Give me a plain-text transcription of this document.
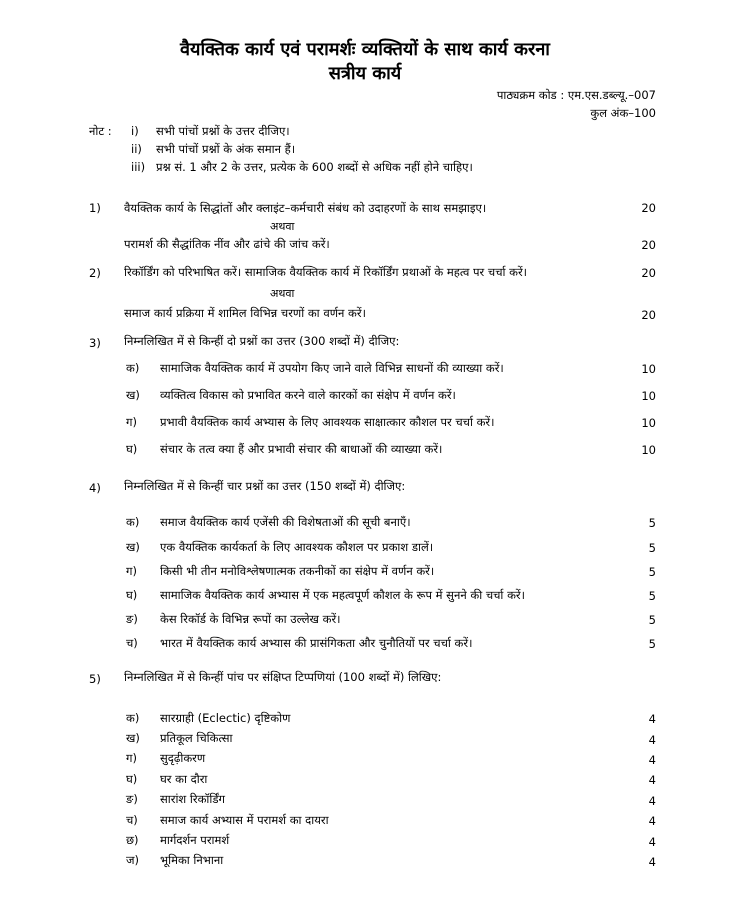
वैयक्तिक कार्य एवं परामर्शः व्यक्तियों के साथ कार्य करना
सत्रीय कार्य
पाठ्यक्रम कोड : एम.एस.डब्ल्यू.–007
कुल अंक–100
नोट : i) सभी पांचों प्रश्नों के उत्तर दीजिए।
ii) सभी पांचों प्रश्नों के अंक समान हैं।
iii) प्रश्न सं. 1 और 2 के उत्तर, प्रत्येक के 600 शब्दों से अधिक नहीं होने चाहिए।
1) वैयक्तिक कार्य के सिद्धांतों और क्लाइंट–कर्मचारी संबंध को उदाहरणों के साथ समझाइए।	20
अथवा
परामर्श की सैद्धांतिक नींव और ढांचे की जांच करें।	20
2) रिकॉर्डिंग को परिभाषित करें। सामाजिक वैयक्तिक कार्य में रिकॉर्डिंग प्रथाओं के महत्व पर चर्चा करें।	20
अथवा
समाज कार्य प्रक्रिया में शामिल विभिन्न चरणों का वर्णन करें।	20
3) निम्नलिखित में से किन्हीं दो प्रश्नों का उत्तर (300 शब्दों में) दीजिए:
क) सामाजिक वैयक्तिक कार्य में उपयोग किए जाने वाले विभिन्न साधनों की व्याख्या करें।	10
ख) व्यक्तित्व विकास को प्रभावित करने वाले कारकों का संक्षेप में वर्णन करें।	10
ग) प्रभावी वैयक्तिक कार्य अभ्यास के लिए आवश्यक साक्षात्कार कौशल पर चर्चा करें।	10
घ) संचार के तत्व क्या हैं और प्रभावी संचार की बाधाओं की व्याख्या करें।	10
4) निम्नलिखित में से किन्हीं चार प्रश्नों का उत्तर (150 शब्दों में) दीजिए:
क) समाज वैयक्तिक कार्य एजेंसी की विशेषताओं की सूची बनाएँ।	5
ख) एक वैयक्तिक कार्यकर्ता के लिए आवश्यक कौशल पर प्रकाश डालें।	5
ग) किसी भी तीन मनोविश्लेषणात्मक तकनीकों का संक्षेप में वर्णन करें।	5
घ) सामाजिक वैयक्तिक कार्य अभ्यास में एक महत्वपूर्ण कौशल के रूप में सुनने की चर्चा करें।	5
ङ) केस रिकॉर्ड के विभिन्न रूपों का उल्लेख करें।	5
च) भारत में वैयक्तिक कार्य अभ्यास की प्रासंगिकता और चुनौतियों पर चर्चा करें।	5
5) निम्नलिखित में से किन्हीं पांच पर संक्षिप्त टिप्पणियां (100 शब्दों में) लिखिए:
क) सारग्राही (Eclectic) दृष्टिकोण	4
ख) प्रतिकूल चिकित्सा	4
ग) सुदृढ़ीकरण	4
घ) घर का दौरा	4
ङ) सारांश रिकॉर्डिंग	4
च) समाज कार्य अभ्यास में परामर्श का दायरा	4
छ) मार्गदर्शन परामर्श	4
ज) भूमिका निभाना	4
